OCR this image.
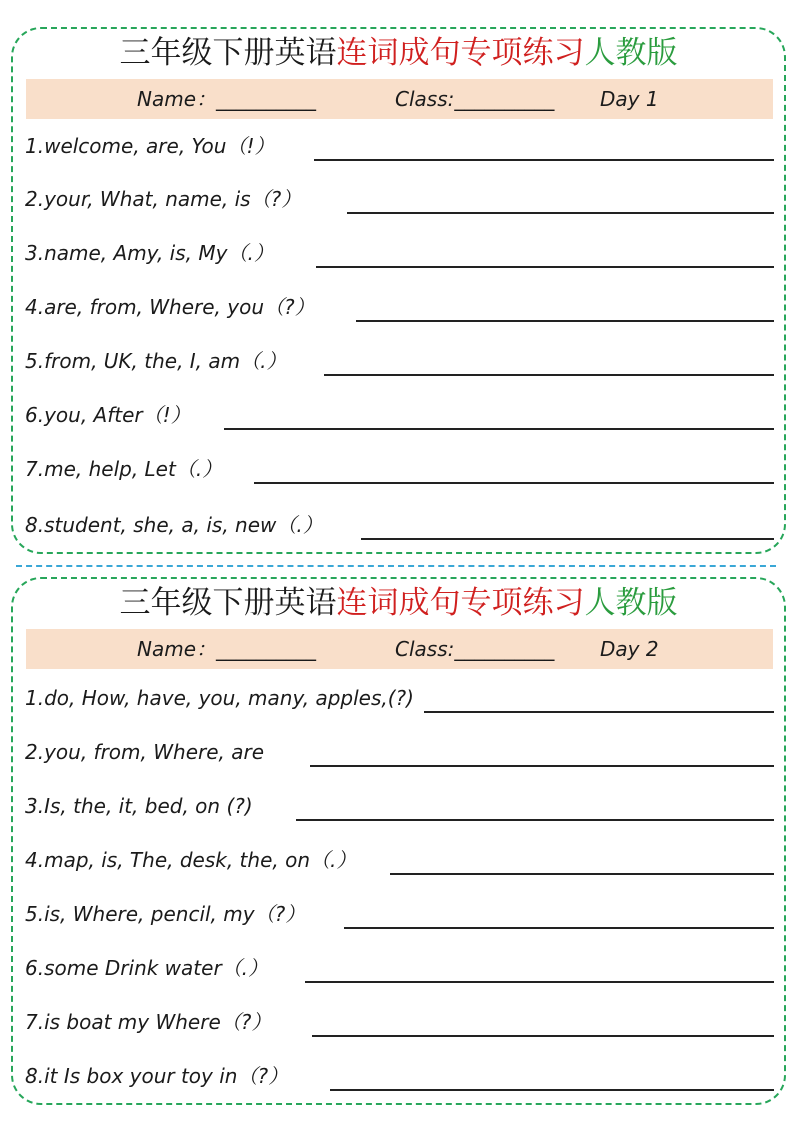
三年级下册英语连词成句专项练习人教版
Name：__________	Class:__________ Day 1
1.welcome, are, You（!）
2.your, What, name, is（?）
3.name, Amy, is, My（.）
4.are, from, Where, you（?）
5.from, UK, the, I, am（.）
6.you, After（!）
7.me, help, Let（.）
8.student, she, a, is, new（.）
三年级下册英语连词成句专项练习人教版
Name：__________	Class:__________ Day 2
1.do, How, have, you, many, apples,(?)
2.you, from, Where, are
3.Is, the, it, bed, on (?)
4.map, is, The, desk, the, on（.）
5.is, Where, pencil, my（?）
6.some Drink water（.）
7.is boat my Where（?）
8.it Is box your toy in（?）
